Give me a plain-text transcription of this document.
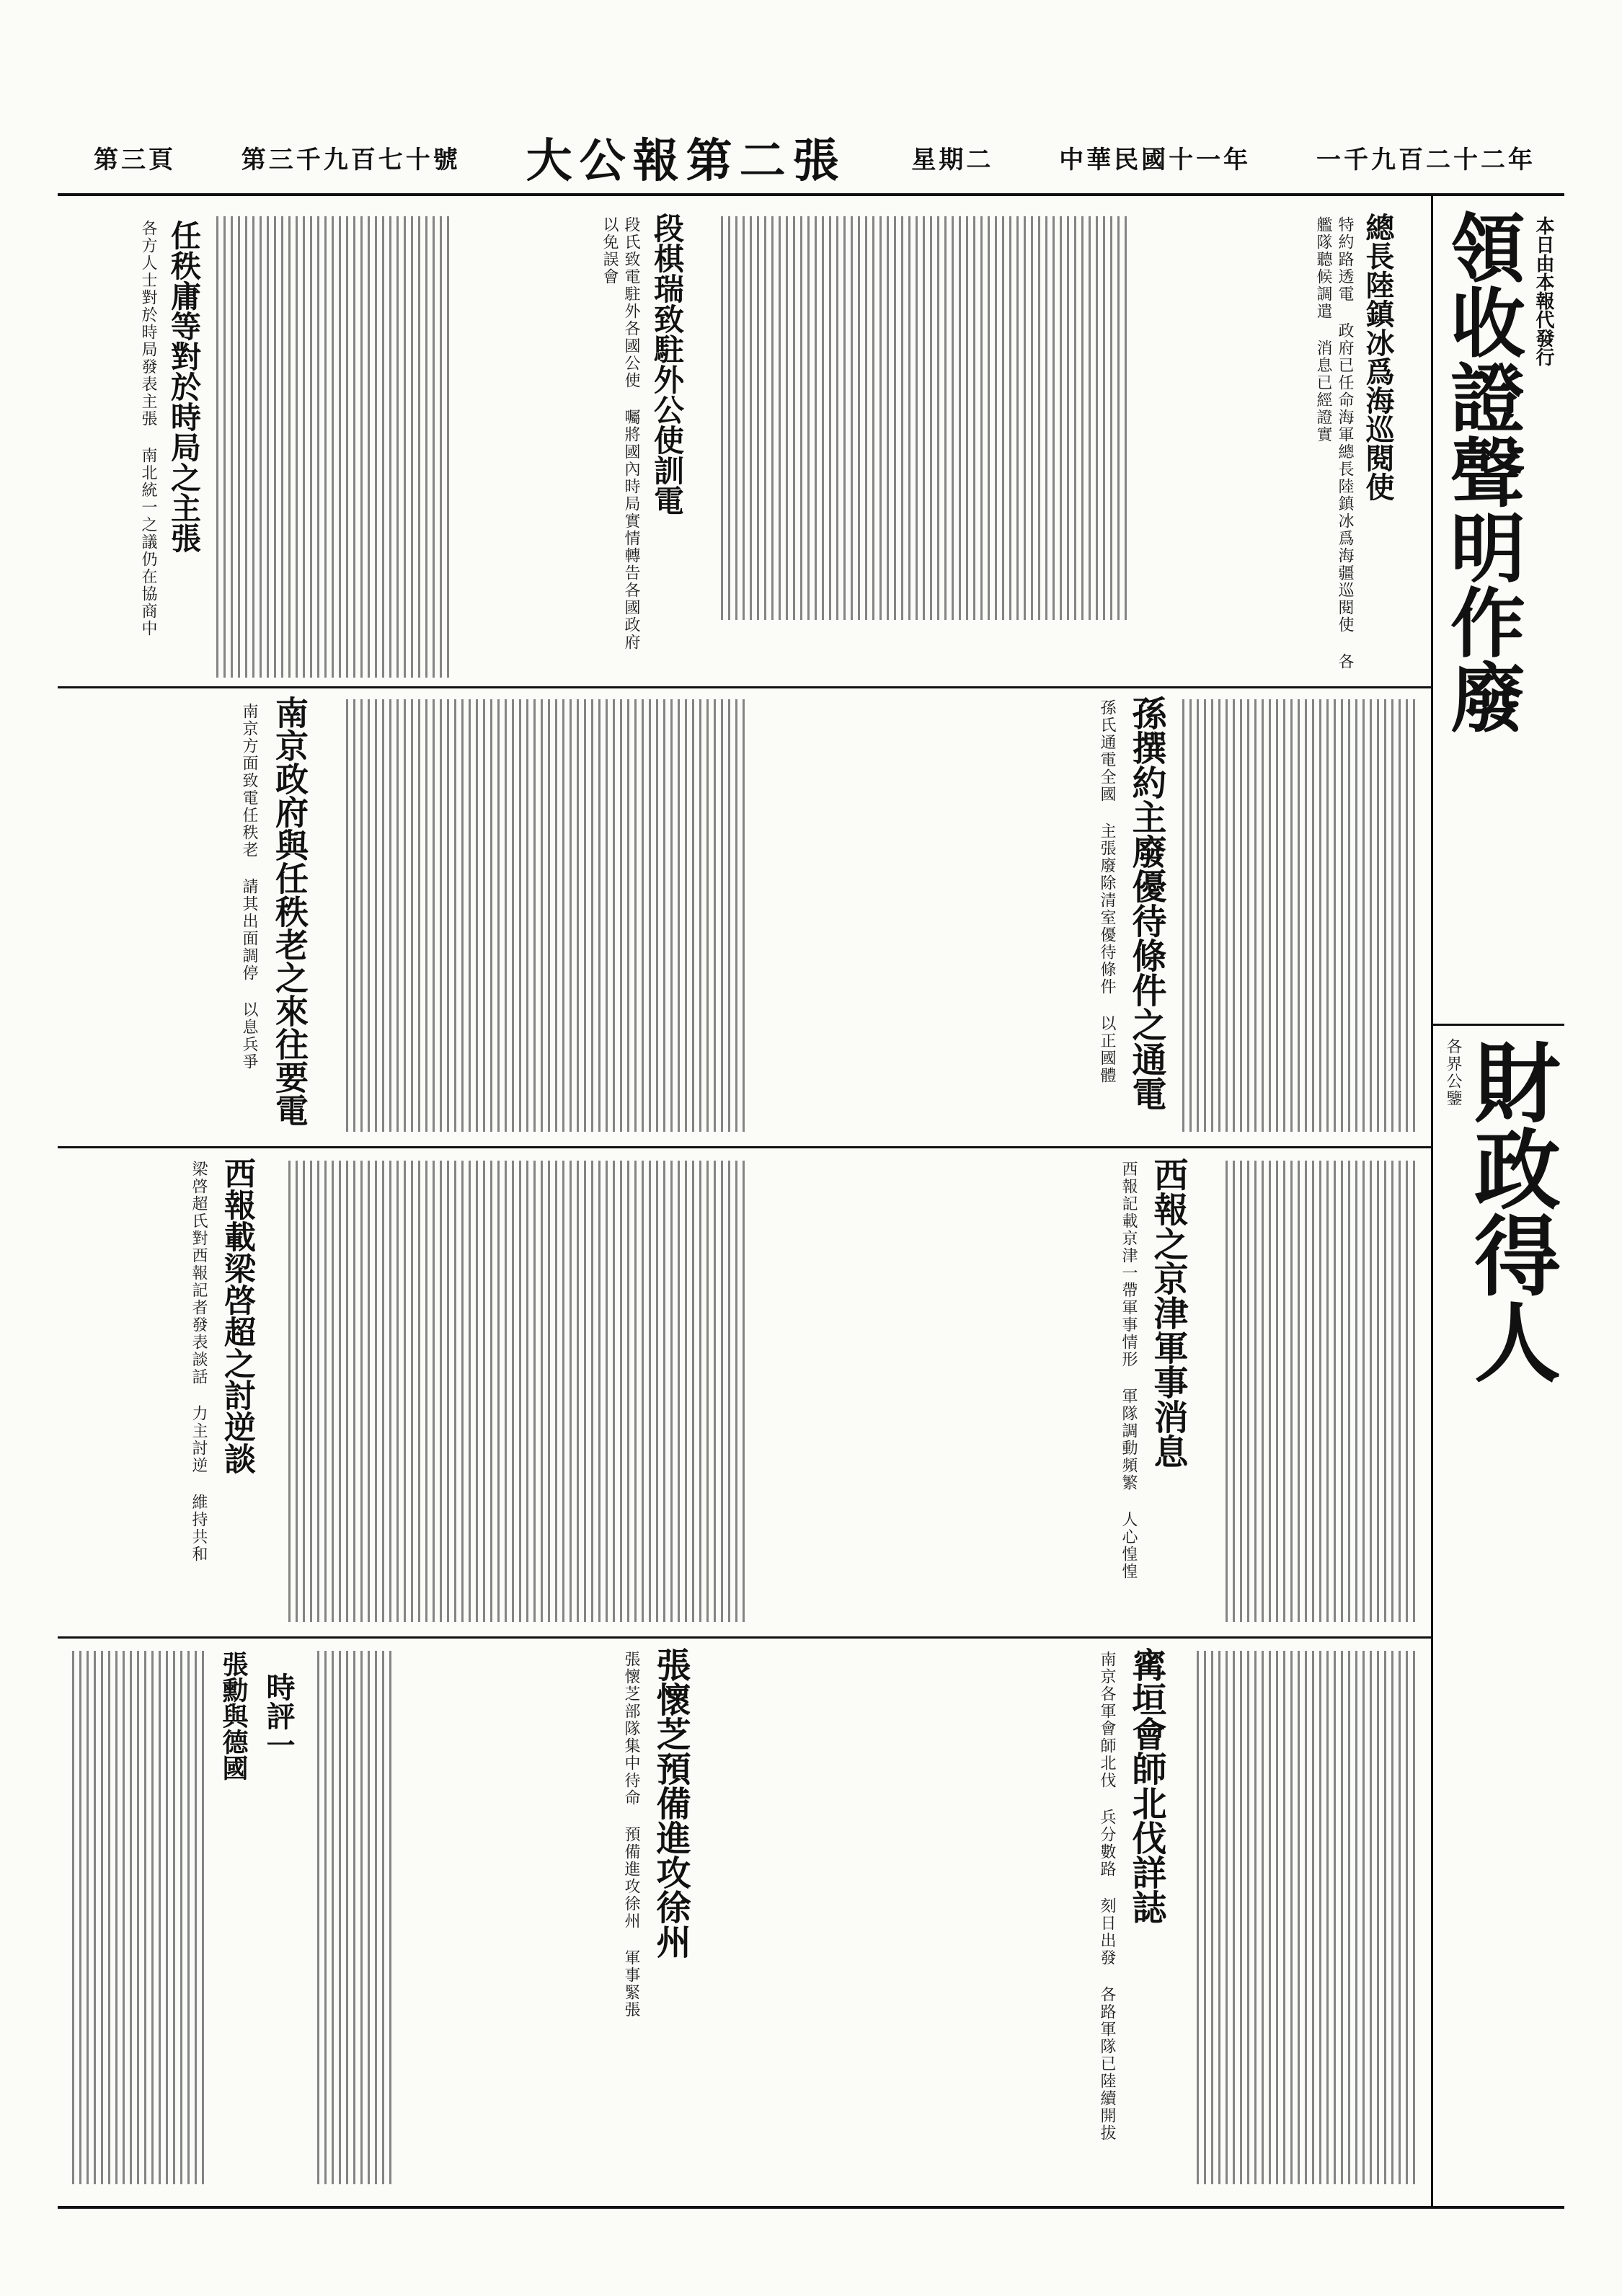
一千九百二十二年
中華民國十一年
星期二
大公報第二張
第三千九百七十號
第三頁
本日由本報代發行
領收證聲明作廢
財政得人
各界公鑒
總長陸鎮冰爲海巡閱使
特約路透電 政府已任命海軍總長陸鎮冰爲海疆巡閱使 各艦隊聽候調遣 消息已經證實
段棋瑞致駐外公使訓電
段氏致電駐外各國公使 囑將國內時局實情轉告各國政府 以免誤會
任秩庸等對於時局之主張
各方人士對於時局發表主張 南北統一之議仍在協商中
孫撰約主廢優待條件之通電
孫氏通電全國 主張廢除清室優待條件 以正國體
南京政府與任秩老之來往要電
南京方面致電任秩老 請其出面調停 以息兵爭
西報之京津軍事消息
西報記載京津一帶軍事情形 軍隊調動頻繁 人心惶惶
西報載梁啓超之討逆談
梁啓超氏對西報記者發表談話 力主討逆 維持共和
寗垣會師北伐詳誌
南京各軍會師北伐 兵分數路 刻日出發 各路軍隊已陸續開拔
張懷芝預備進攻徐州
張懷芝部隊集中待命 預備進攻徐州 軍事緊張
時評一
張勳與德國
